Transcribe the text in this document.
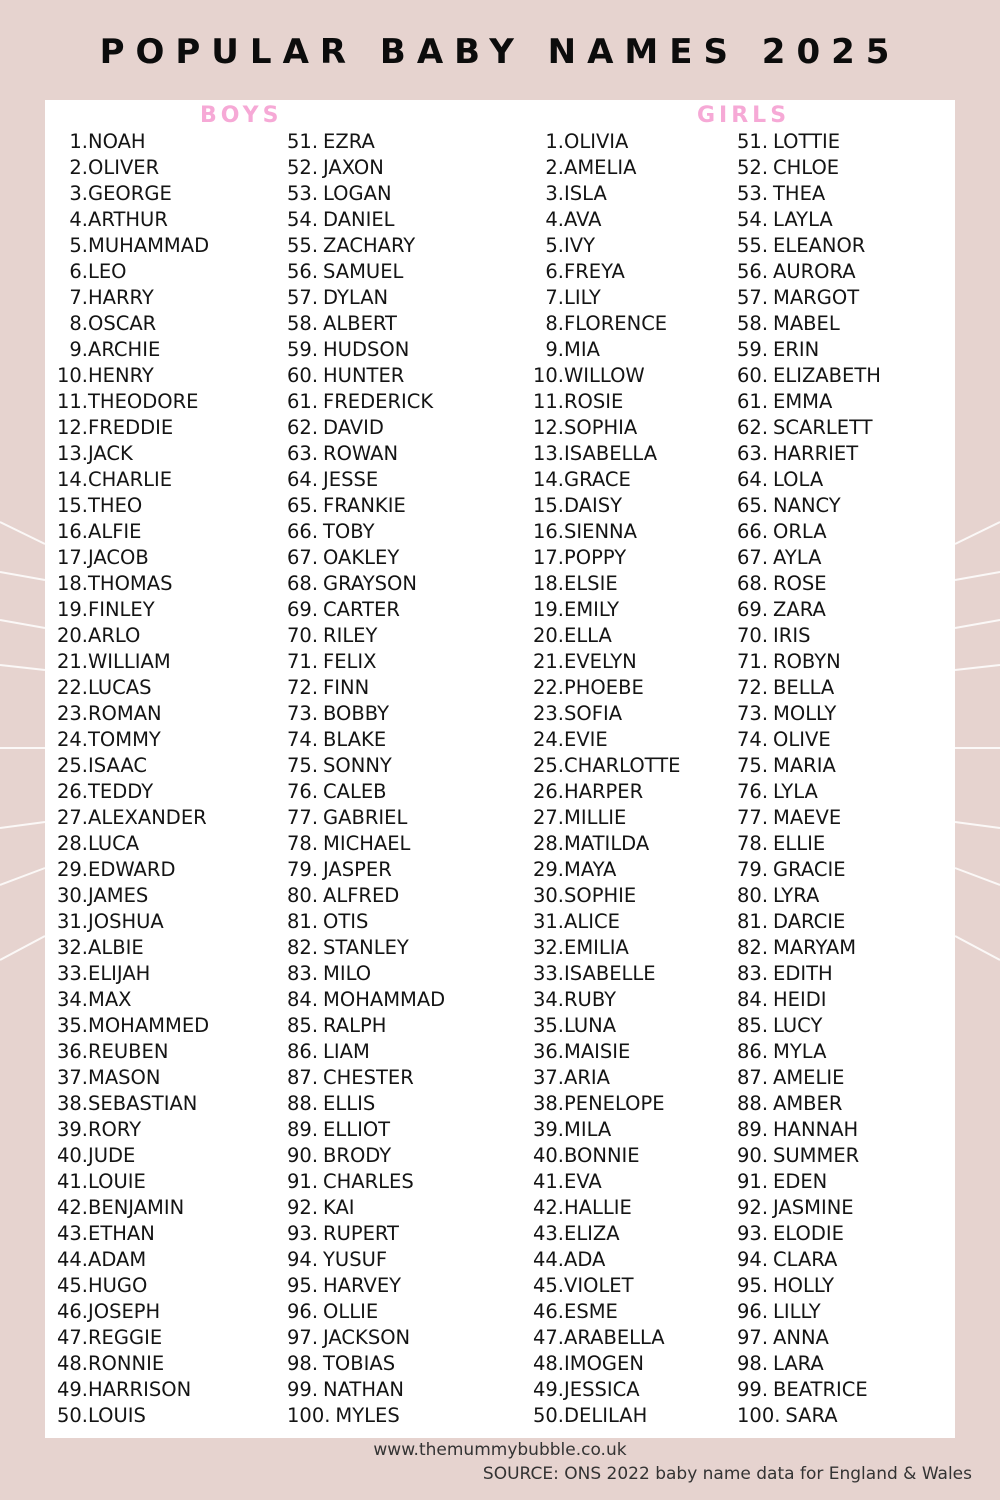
POPULAR BABY NAMES 2025
BOYS	GIRLS
1. NOAH
2. OLIVER
3. GEORGE
4. ARTHUR
5. MUHAMMAD
6. LEO
7. HARRY
8. OSCAR
9. ARCHIE
10. HENRY
11. THEODORE
12. FREDDIE
13. JACK
14. CHARLIE
15. THEO
16. ALFIE
17. JACOB
18. THOMAS
19. FINLEY
20. ARLO
21. WILLIAM
22. LUCAS
23. ROMAN
24. TOMMY
25. ISAAC
26. TEDDY
27. ALEXANDER
28. LUCA
29. EDWARD
30. JAMES
31. JOSHUA
32. ALBIE
33. ELIJAH
34. MAX
35. MOHAMMED
36. REUBEN
37. MASON
38. SEBASTIAN
39. RORY
40. JUDE
41. LOUIE
42. BENJAMIN
43. ETHAN
44. ADAM
45. HUGO
46. JOSEPH
47. REGGIE
48. RONNIE
49. HARRISON
50. LOUIS
51. EZRA
52. JAXON
53. LOGAN
54. DANIEL
55. ZACHARY
56. SAMUEL
57. DYLAN
58. ALBERT
59. HUDSON
60. HUNTER
61. FREDERICK
62. DAVID
63. ROWAN
64. JESSE
65. FRANKIE
66. TOBY
67. OAKLEY
68. GRAYSON
69. CARTER
70. RILEY
71. FELIX
72. FINN
73. BOBBY
74. BLAKE
75. SONNY
76. CALEB
77. GABRIEL
78. MICHAEL
79. JASPER
80. ALFRED
81. OTIS
82. STANLEY
83. MILO
84. MOHAMMAD
85. RALPH
86. LIAM
87. CHESTER
88. ELLIS
89. ELLIOT
90. BRODY
91. CHARLES
92. KAI
93. RUPERT
94. YUSUF
95. HARVEY
96. OLLIE
97. JACKSON
98. TOBIAS
99. NATHAN
100. MYLES
1. OLIVIA
2. AMELIA
3. ISLA
4. AVA
5. IVY
6. FREYA
7. LILY
8. FLORENCE
9. MIA
10. WILLOW
11. ROSIE
12. SOPHIA
13. ISABELLA
14. GRACE
15. DAISY
16. SIENNA
17. POPPY
18. ELSIE
19. EMILY
20. ELLA
21. EVELYN
22. PHOEBE
23. SOFIA
24. EVIE
25. CHARLOTTE
26. HARPER
27. MILLIE
28. MATILDA
29. MAYA
30. SOPHIE
31. ALICE
32. EMILIA
33. ISABELLE
34. RUBY
35. LUNA
36. MAISIE
37. ARIA
38. PENELOPE
39. MILA
40. BONNIE
41. EVA
42. HALLIE
43. ELIZA
44. ADA
45. VIOLET
46. ESME
47. ARABELLA
48. IMOGEN
49. JESSICA
50. DELILAH
51. LOTTIE
52. CHLOE
53. THEA
54. LAYLA
55. ELEANOR
56. AURORA
57. MARGOT
58. MABEL
59. ERIN
60. ELIZABETH
61. EMMA
62. SCARLETT
63. HARRIET
64. LOLA
65. NANCY
66. ORLA
67. AYLA
68. ROSE
69. ZARA
70. IRIS
71. ROBYN
72. BELLA
73. MOLLY
74. OLIVE
75. MARIA
76. LYLA
77. MAEVE
78. ELLIE
79. GRACIE
80. LYRA
81. DARCIE
82. MARYAM
83. EDITH
84. HEIDI
85. LUCY
86. MYLA
87. AMELIE
88. AMBER
89. HANNAH
90. SUMMER
91. EDEN
92. JASMINE
93. ELODIE
94. CLARA
95. HOLLY
96. LILLY
97. ANNA
98. LARA
99. BEATRICE
100. SARA
www.themummybubble.co.uk
SOURCE: ONS 2022 baby name data for England & Wales
